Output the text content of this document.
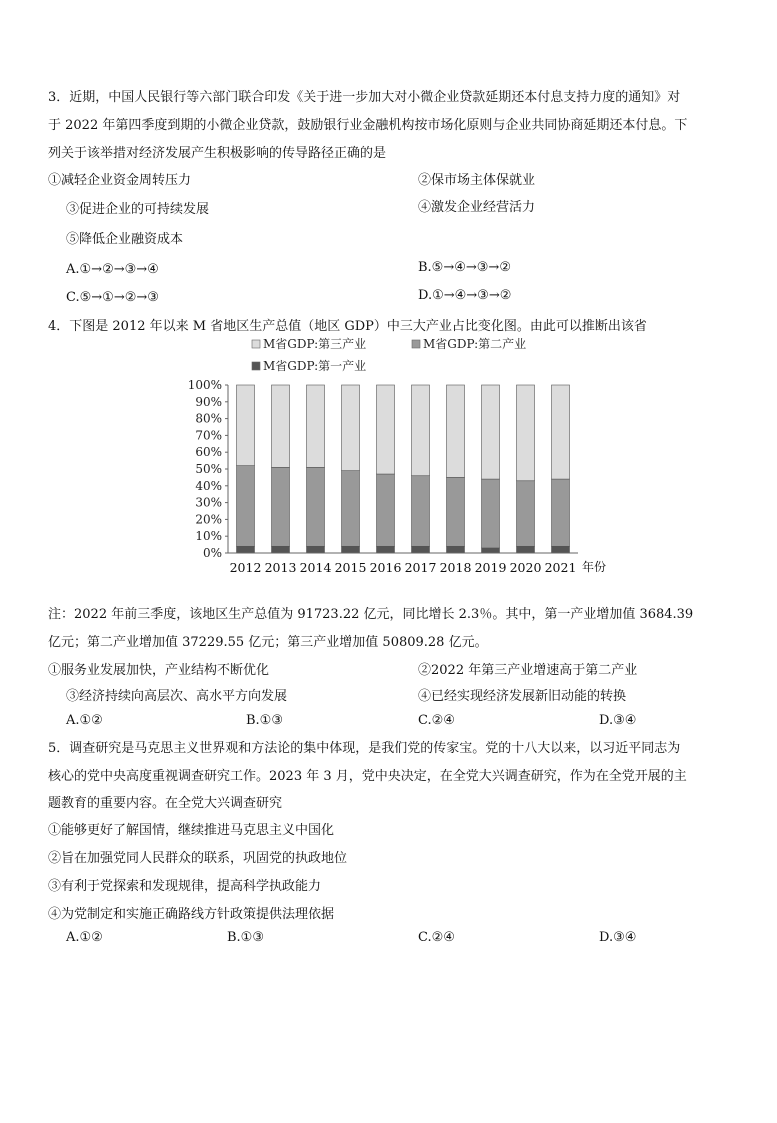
3．近期，中国人民银行等六部门联合印发《关于进一步加大对小微企业贷款延期还本付息支持力度的通知》对
于 2022 年第四季度到期的小微企业贷款，鼓励银行业金融机构按市场化原则与企业共同协商延期还本付息。下
列关于该举措对经济发展产生积极影响的传导路径正确的是
①减轻企业资金周转压力	②保市场主体保就业
③促进企业的可持续发展	④激发企业经营活力
⑤降低企业融资成本
A.①→②→③→④	B.⑤→④→③→②
C.⑤→①→②→③	D.①→④→③→②
4．下图是 2012 年以来 M 省地区生产总值（地区 GDP）中三大产业占比变化图。由此可以推断出该省
M省GDP:第三产业	M省GDP:第二产业
M省GDP:第一产业
0%
10%
20%
30%
40%
50%
60%
70%
80%
90%
100%
2012 2013 2014 2015 2016 2017 2018 2019 2020 2021 年份
注：2022 年前三季度，该地区生产总值为 91723.22 亿元，同比增长 2.3％。其中，第一产业增加值 3684.39
亿元；第二产业增加值 37229.55 亿元；第三产业增加值 50809.28 亿元。
①服务业发展加快，产业结构不断优化	②2022 年第三产业增速高于第二产业
③经济持续向高层次、高水平方向发展	④已经实现经济发展新旧动能的转换
A.①②	B.①③	C.②④	D.③④
5．调查研究是马克思主义世界观和方法论的集中体现，是我们党的传家宝。党的十八大以来，以习近平同志为
核心的党中央高度重视调查研究工作。2023 年 3 月，党中央决定，在全党大兴调查研究，作为在全党开展的主
题教育的重要内容。在全党大兴调查研究
①能够更好了解国情，继续推进马克思主义中国化
②旨在加强党同人民群众的联系，巩固党的执政地位
③有利于党探索和发现规律，提高科学执政能力
④为党制定和实施正确路线方针政策提供法理依据
A.①②	B.①③	C.②④	D.③④
